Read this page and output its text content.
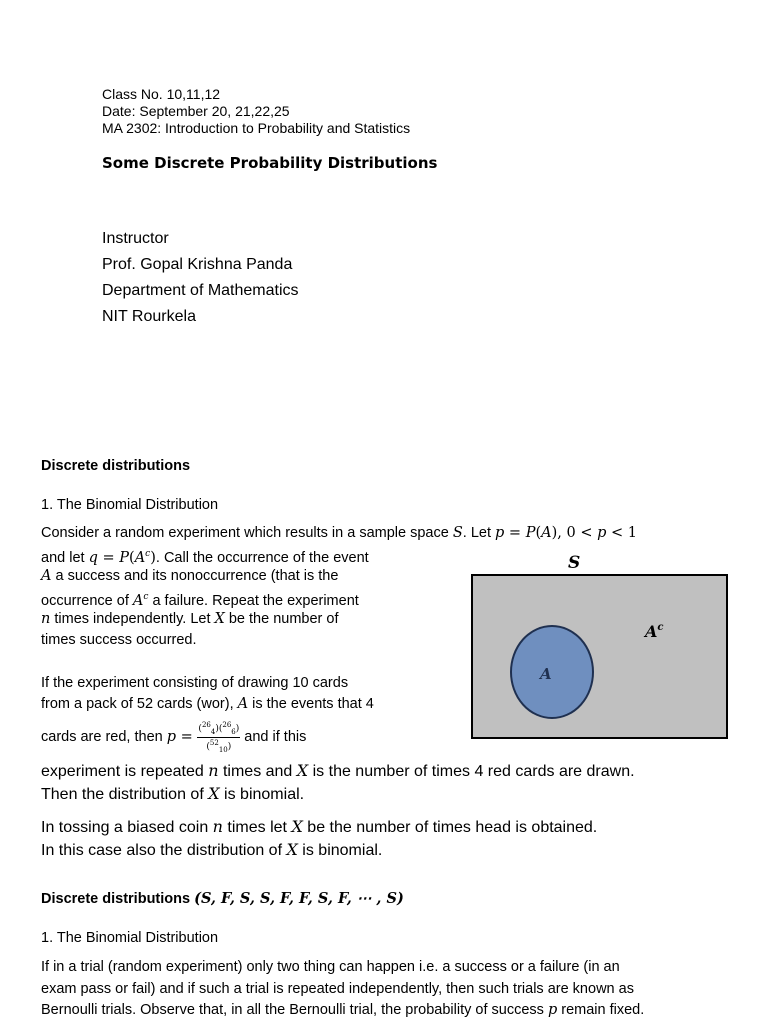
Class No. 10,11,12
Date: September 20, 21,22,25
MA 2302: Introduction to Probability and Statistics
Some Discrete Probability Distributions
Instructor
Prof. Gopal Krishna Panda
Department of Mathematics
NIT Rourkela
Discrete distributions
1. The Binomial Distribution
Consider a random experiment which results in a sample space S. Let p = P(A), 0 < p < 1
and let $q = P(A^c)$. Call the occurrence of the event
A a success and its nonoccurrence (that is the
occurrence of $A^c$ a failure. Repeat the experiment
n times independently. Let X be the number of
times success occurred.
If the experiment consisting of drawing 10 cards
from a pack of 52 cards (wor), A is the events that 4
cards are red, then $p = \frac{(^{26}_4)(^{26}_6)}{(^{52}_{10})}$ and if this
experiment is repeated n times and X is the number of times 4 red cards are drawn.
Then the distribution of X is binomial.
In tossing a biased coin n times let X be the number of times head is obtained.
In this case also the distribution of X is binomial.
S
A
$A^c$
Discrete distributions (S, F, S, S, F, F, S, F, ⋯ , S)
1. The Binomial Distribution
If in a trial (random experiment) only two thing can happen i.e. a success or a failure (in an
exam pass or fail) and if such a trial is repeated independently, then such trials are known as
Bernoulli trials. Observe that, in all the Bernoulli trial, the probability of success p remain fixed.
